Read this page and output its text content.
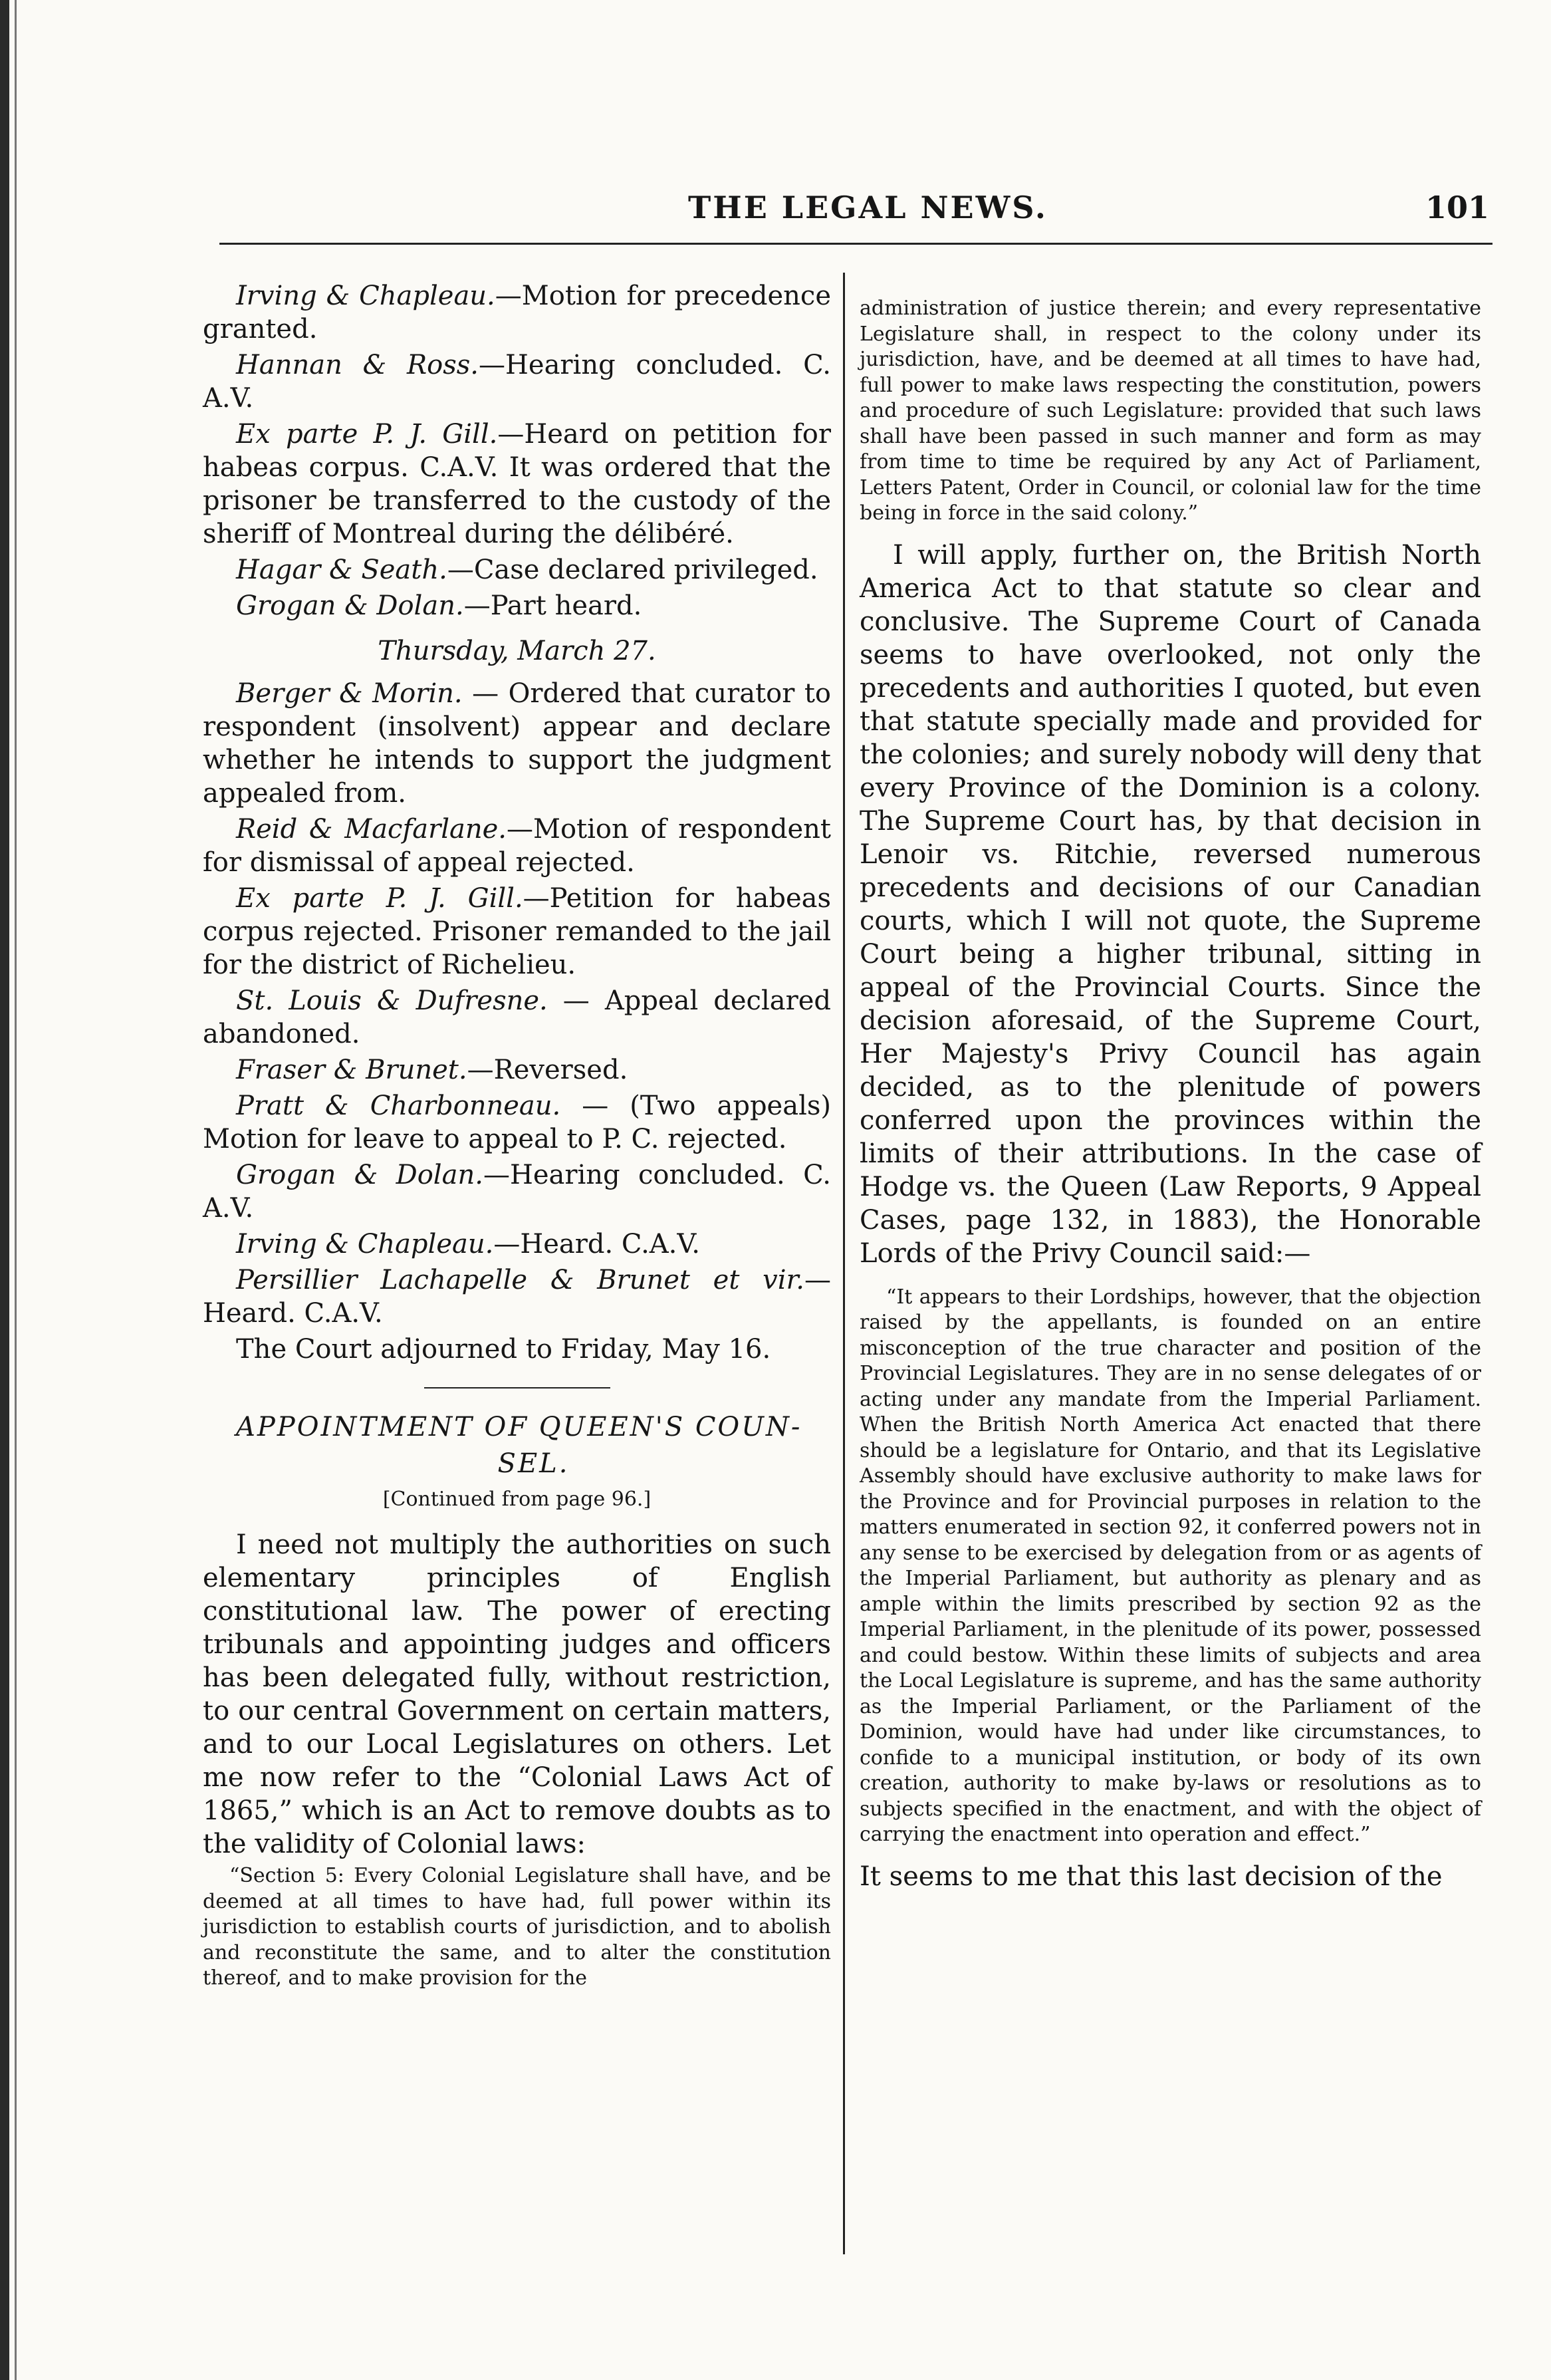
THE LEGAL NEWS.	101

Irving & Chapleau.—Motion for precedence granted.

Hannan & Ross.—Hearing concluded. C. A.V.

Ex parte P. J. Gill.—Heard on petition for habeas corpus. C.A.V. It was ordered that the prisoner be transferred to the custody of the sheriff of Montreal during the délibéré.

Hagar & Seath.—Case declared privileged.

Grogan & Dolan.—Part heard.

Thursday, March 27.

Berger & Morin. — Ordered that curator to respondent (insolvent) appear and declare whether he intends to support the judgment appealed from.

Reid & Macfarlane.—Motion of respondent for dismissal of appeal rejected.

Ex parte P. J. Gill.—Petition for habeas corpus rejected. Prisoner remanded to the jail for the district of Richelieu.

St. Louis & Dufresne. — Appeal declared abandoned.

Fraser & Brunet.—Reversed.

Pratt & Charbonneau. — (Two appeals) Motion for leave to appeal to P. C. rejected.

Grogan & Dolan.—Hearing concluded. C. A.V.

Irving & Chapleau.—Heard. C.A.V.

Persillier Lachapelle & Brunet et vir.—Heard. C.A.V.

The Court adjourned to Friday, May 16.

APPOINTMENT OF QUEEN'S COUN-

SEL.

[Continued from page 96.]

I need not multiply the authorities on such elementary principles of English constitutional law. The power of erecting tribunals and appointing judges and officers has been delegated fully, without restriction, to our central Government on certain matters, and to our Local Legislatures on others. Let me now refer to the “Colonial Laws Act of 1865,” which is an Act to remove doubts as to the validity of Colonial laws:

“Section 5: Every Colonial Legislature shall have, and be deemed at all times to have had, full power within its jurisdiction to establish courts of jurisdiction, and to abolish and reconstitute the same, and to alter the constitution thereof, and to make provision for the

administration of justice therein; and every representative Legislature shall, in respect to the colony under its jurisdiction, have, and be deemed at all times to have had, full power to make laws respecting the constitution, powers and procedure of such Legislature: provided that such laws shall have been passed in such manner and form as may from time to time be required by any Act of Parliament, Letters Patent, Order in Council, or colonial law for the time being in force in the said colony.”

I will apply, further on, the British North America Act to that statute so clear and conclusive. The Supreme Court of Canada seems to have overlooked, not only the precedents and authorities I quoted, but even that statute specially made and provided for the colonies; and surely nobody will deny that every Province of the Dominion is a colony. The Supreme Court has, by that decision in Lenoir vs. Ritchie, reversed numerous precedents and decisions of our Canadian courts, which I will not quote, the Supreme Court being a higher tribunal, sitting in appeal of the Provincial Courts. Since the decision aforesaid, of the Supreme Court, Her Majesty's Privy Council has again decided, as to the plenitude of powers conferred upon the provinces within the limits of their attributions. In the case of Hodge vs. the Queen (Law Reports, 9 Appeal Cases, page 132, in 1883), the Honorable Lords of the Privy Council said:—

“It appears to their Lordships, however, that the objection raised by the appellants, is founded on an entire misconception of the true character and position of the Provincial Legislatures. They are in no sense delegates of or acting under any mandate from the Imperial Parliament. When the British North America Act enacted that there should be a legislature for Ontario, and that its Legislative Assembly should have exclusive authority to make laws for the Province and for Provincial purposes in relation to the matters enumerated in section 92, it conferred powers not in any sense to be exercised by delegation from or as agents of the Imperial Parliament, but authority as plenary and as ample within the limits prescribed by section 92 as the Imperial Parliament, in the plenitude of its power, possessed and could bestow. Within these limits of subjects and area the Local Legislature is supreme, and has the same authority as the Imperial Parliament, or the Parliament of the Dominion, would have had under like circumstances, to confide to a municipal institution, or body of its own creation, authority to make by-laws or resolutions as to subjects specified in the enactment, and with the object of carrying the enactment into operation and effect.”

It seems to me that this last decision of the
